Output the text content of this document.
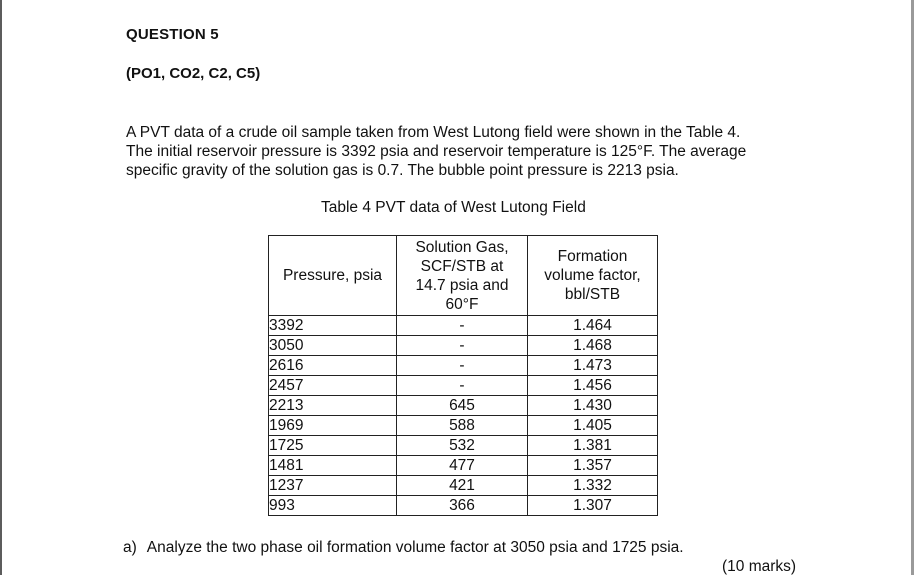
QUESTION 5
(PO1, CO2, C2, C5)
A PVT data of a crude oil sample taken from West Lutong field were shown in the Table 4.
The initial reservoir pressure is 3392 psia and reservoir temperature is 125°F. The average
specific gravity of the solution gas is 0.7. The bubble point pressure is 2213 psia.
Table 4 PVT data of West Lutong Field
Pressure, psia	Solution Gas,
SCF/STB at
14.7 psia and
60°F	Formation
volume factor,
bbl/STB

3392	-	1.464
3050	-	1.468
2616	-	1.473
2457	-	1.456
2213	645	1.430
1969	588	1.405
1725	532	1.381
1481	477	1.357
1237	421	1.332
993	366	1.307
a) Analyze the two phase oil formation volume factor at 3050 psia and 1725 psia.
(10 marks)
